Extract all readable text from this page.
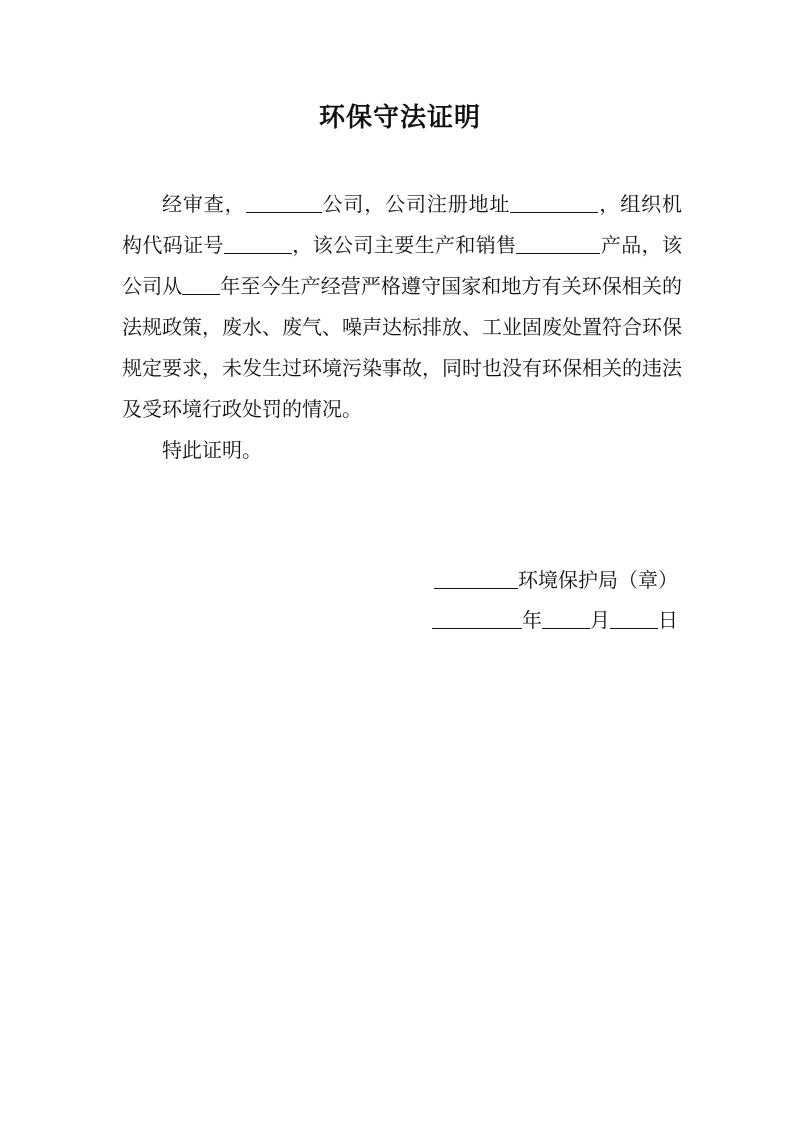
环保守法证明

经审查，	公司，公司注册地址	，组织机构代码证号	，该公司主要生产和销售	产品，该公司从 年至今生产经营严格遵守国家和地方有关环保相关的法规政策，废水、废气、噪声达标排放、工业固废处置符合环保规定要求，未发生过环境污染事故，同时也没有环保相关的违法及受环境行政处罚的情况。

特此证明。

环境保护局（章）
年 月 日
